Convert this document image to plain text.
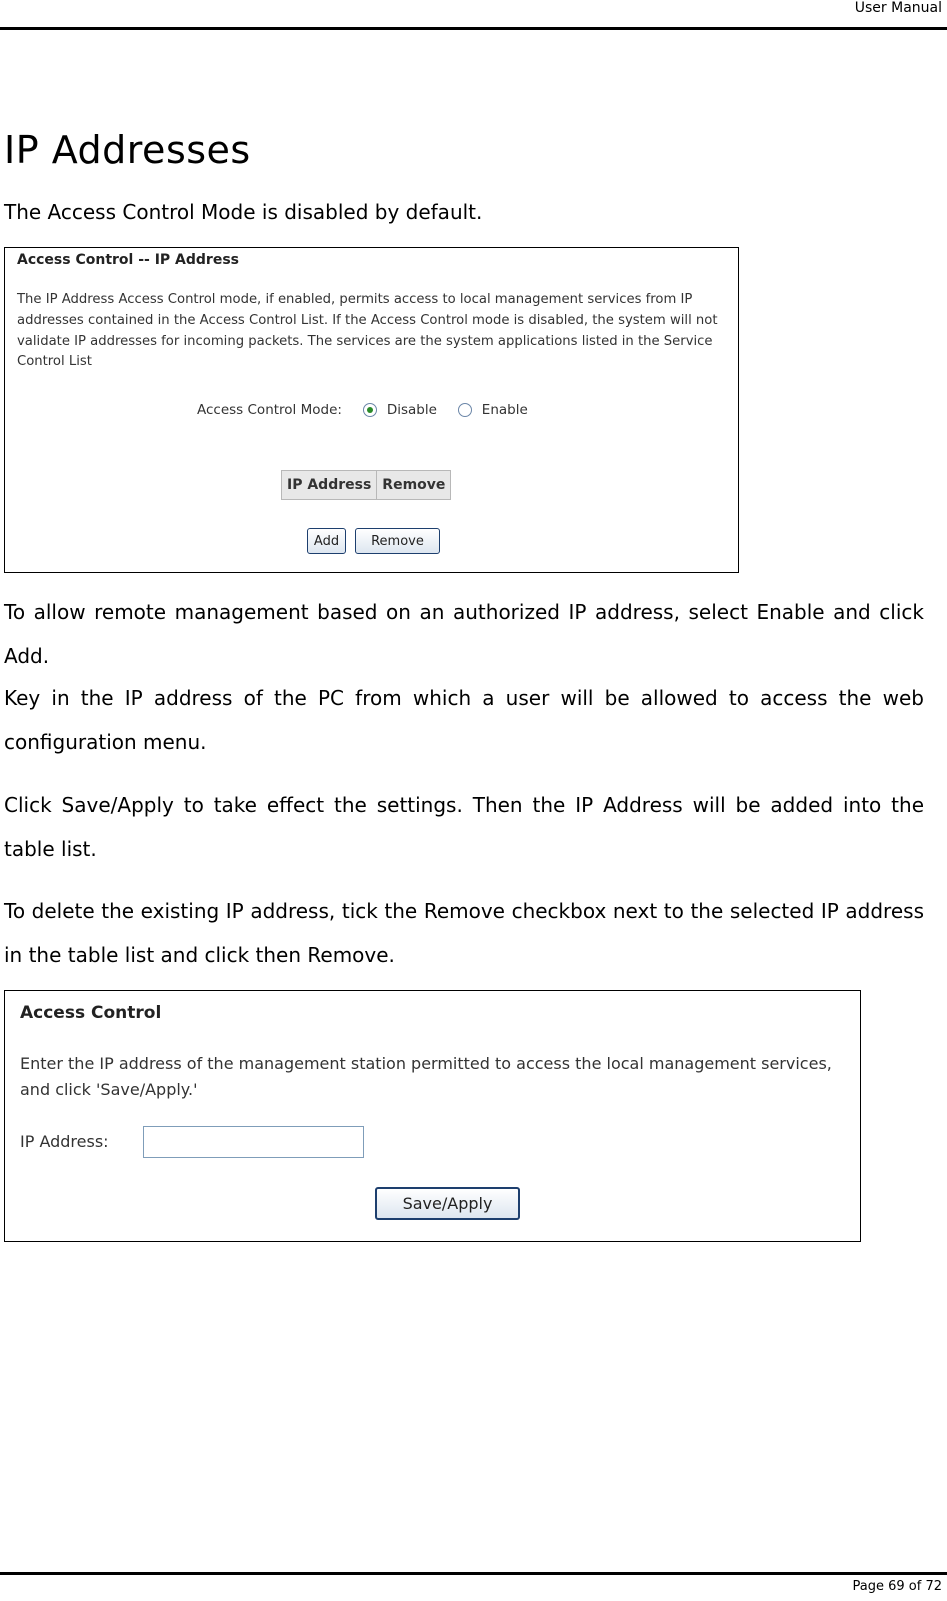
User Manual
IP Addresses

The Access Control Mode is disabled by default.

Access Control -- IP Address
The IP Address Access Control mode, if enabled, permits access to local management services from IP addresses contained in the Access Control List. If the Access Control mode is disabled, the system will not validate IP addresses for incoming packets. The services are the system applications listed in the Service Control List
Access Control Mode:	Disable	Enable
IP Address	Remove
Add	Remove

To allow remote management based on an authorized IP address, select Enable and click Add.

Key in the IP address of the PC from which a user will be allowed to access the web configuration menu.

Click Save/Apply to take effect the settings. Then the IP Address will be added into the table list.

To delete the existing IP address, tick the Remove checkbox next to the selected IP address in the table list and click then Remove.

Access Control
Enter the IP address of the management station permitted to access the local management services, and click 'Save/Apply.'
IP Address:
Save/Apply
Page 69 of 72
